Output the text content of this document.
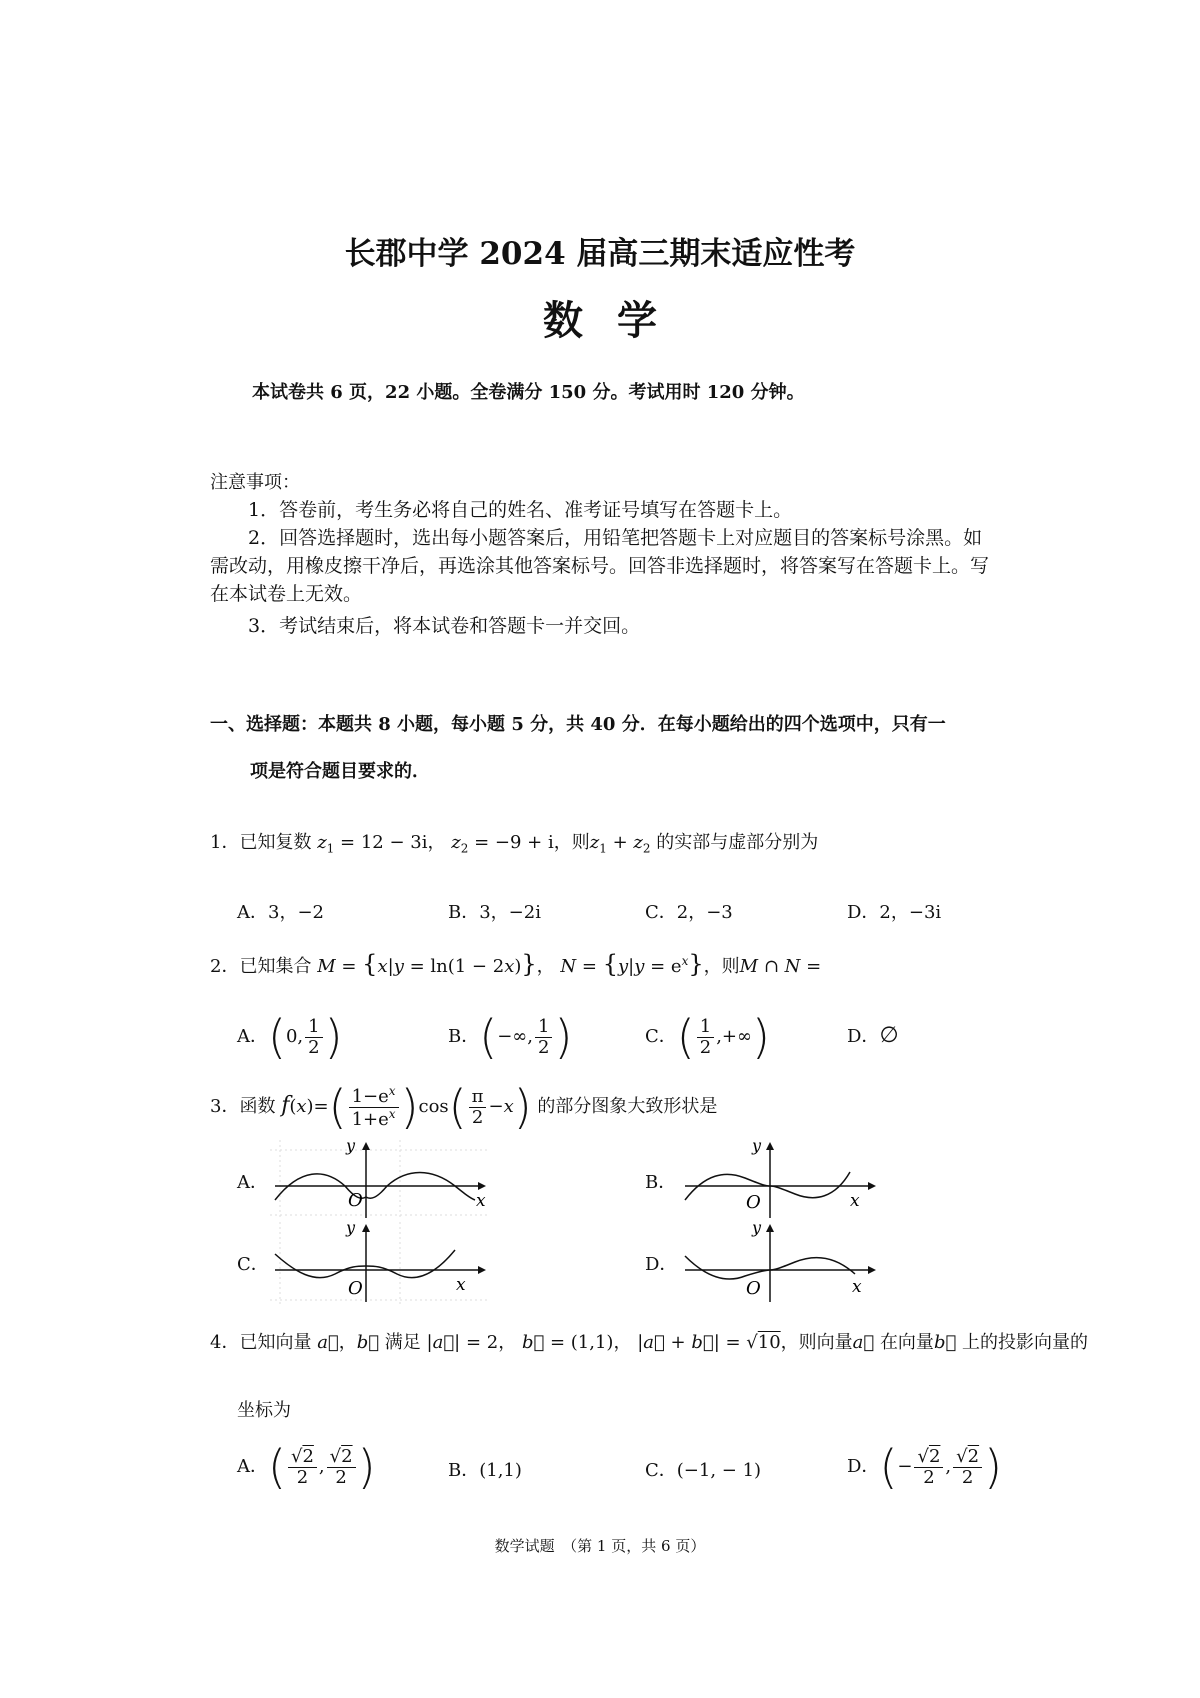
长郡中学 2024 届高三期末适应性考
数学
本试卷共 6 页，22 小题。全卷满分 150 分。考试用时 120 分钟。
注意事项：
1．答卷前，考生务必将自己的姓名、准考证号填写在答题卡上。
2．回答选择题时，选出每小题答案后，用铅笔把答题卡上对应题目的答案标号涂黑。如需改动，用橡皮擦干净后，再选涂其他答案标号。回答非选择题时，将答案写在答题卡上。写在本试卷上无效。
3．考试结束后，将本试卷和答题卡一并交回。
一、选择题：本题共 8 小题，每小题 5 分，共 40 分．在每小题给出的四个选项中，只有一
项是符合题目要求的．
1．已知复数 $z_1 = 12 - 3i$， $z_2 = -9 + i$，则$z_1 + z_2$ 的实部与虚部分别为
A．3，−2	B．3，−2i	C．2，−3	D．2，−3i
2．已知集合 M = {x|y = ln(1 − 2x)}， $N = \{y|y = e^x\}$，则M ∩ N =
A．(0, $\frac{1}{2}$ )	B．(−∞, $\frac{1}{2}$ )	C．( $\frac{1}{2}$ ,+∞)	D．∅
3．函数 $f(x)=( \frac{1-e^x}{1+e^x} )\cos( \frac{\pi}{2} -x)$ 的部分图象大致形状是
A．	B．
C．	D．
y
O	x
y
O	x
y
O	x
y
O	x
4．已知向量 a⃗，b⃗ 满足 |a⃗| = 2， b⃗ = (1,1)， |a⃗ + b⃗| = √10，则向量a⃗ 在向量b⃗ 上的投影向量的
坐标为
A．( $\frac{√2}{2}$ , $\frac{√2}{2}$ )	B．(1,1)	C．(−1, − 1)	D．(− $\frac{√2}{2}$ , $\frac{√2}{2}$ )
数学试题　（第 1 页，共 6 页）
